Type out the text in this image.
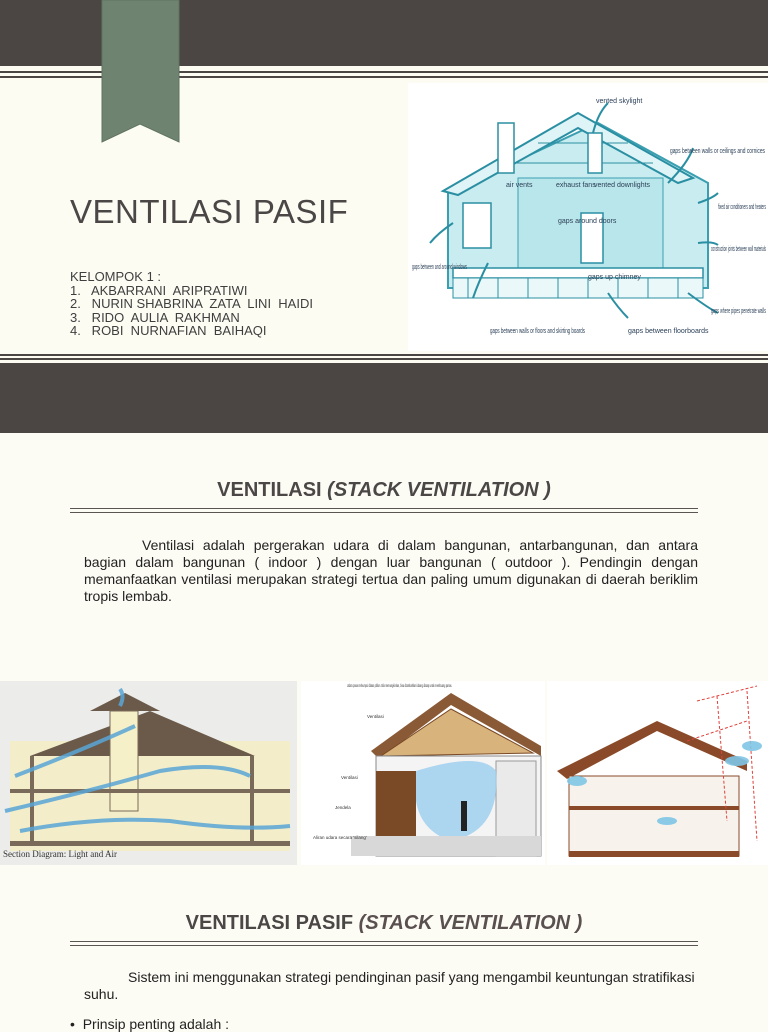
VENTILASI PASIF
KELOMPOK 1 :
1.   AKBARRANI  ARIPRATIWI
2.   NURIN SHABRINA  ZATA  LINI  HAIDI
3.   RIDO  AULIA  RAKHMAN
4.   ROBI  NURNAFIAN  BAIHAQI
vented skylight
gaps between walls or ceilings and cornices
air vents	exhaust fans
vented downlights
fixed air conditioners and heaters
gaps around doors
construction joints between wall materials
gaps between and around windows
gaps up chimney
gaps where pipes penetrate walls
gaps between walls or floors and skirting boards	gaps between floorboards
VENTILASI (STACK VENTILATION )
Ventilasi adalah pergerakan udara di dalam bangunan, antarbangunan, dan antara bagian dalam bangunan ( indoor ) dengan luar bangunan ( outdoor ). Pendingin dengan memanfaatkan ventilasi merupakan strategi tertua dan paling umum digunakan di daerah beriklim tropis lembab.
Section Diagram: Light and Air
Udara panas terkumpul diatas plafon. Bila memungkinkan, bisa ditambahkan lubang diatap untuk membuang panas.
Ventilasi
Ventilasi
Jendela
Aliran udara secara 'silang'
VENTILASI PASIF (STACK VENTILATION )
Sistem ini menggunakan strategi pendinginan pasif yang mengambil keuntungan stratifikasi suhu.
•  Prinsip penting adalah :
